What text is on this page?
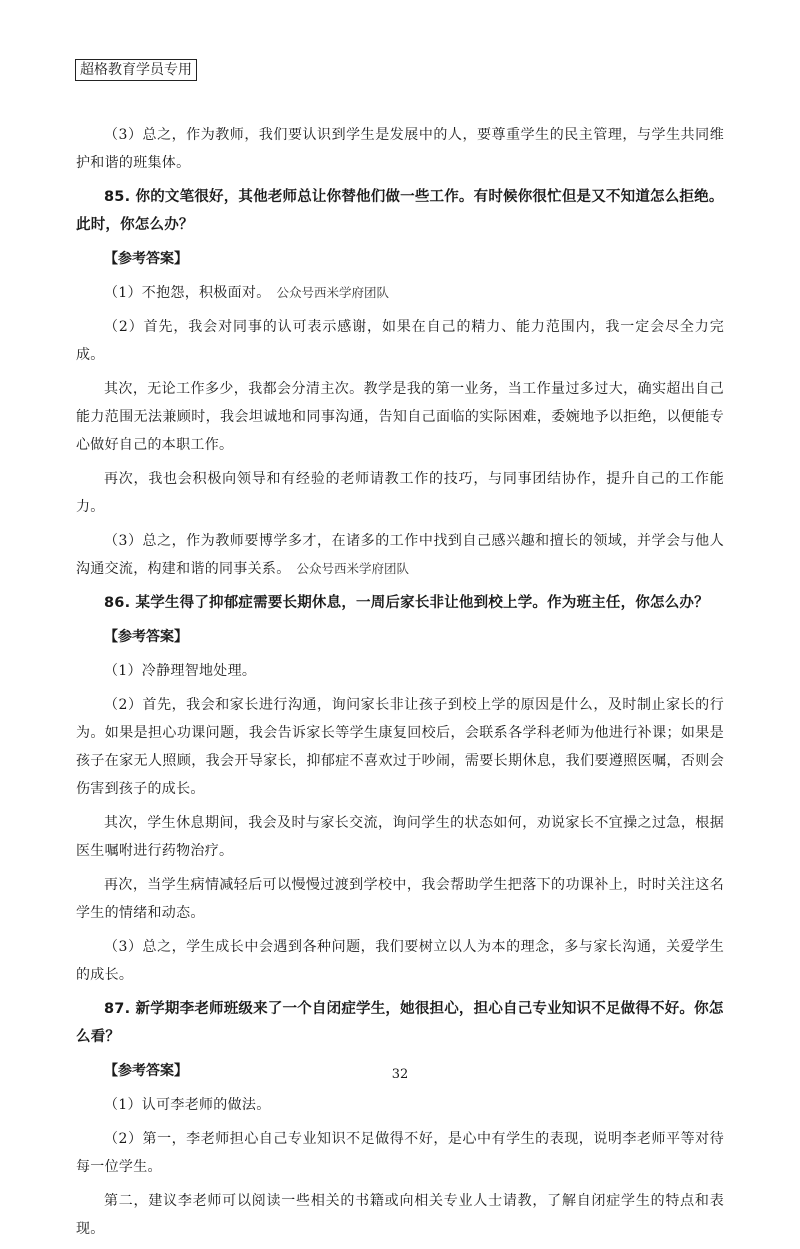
超格教育学员专用

（3）总之，作为教师，我们要认识到学生是发展中的人，要尊重学生的民主管理，与学生共同维护和谐的班集体。

85. 你的文笔很好，其他老师总让你替他们做一些工作。有时候你很忙但是又不知道怎么拒绝。此时，你怎么办？

【参考答案】

（1）不抱怨，积极面对。 公众号西米学府团队

（2）首先，我会对同事的认可表示感谢，如果在自己的精力、能力范围内，我一定会尽全力完成。

其次，无论工作多少，我都会分清主次。教学是我的第一业务，当工作量过多过大，确实超出自己能力范围无法兼顾时，我会坦诚地和同事沟通，告知自己面临的实际困难，委婉地予以拒绝，以便能专心做好自己的本职工作。

再次，我也会积极向领导和有经验的老师请教工作的技巧，与同事团结协作，提升自己的工作能力。

（3）总之，作为教师要博学多才，在诸多的工作中找到自己感兴趣和擅长的领域，并学会与他人沟通交流，构建和谐的同事关系。 公众号西米学府团队

86. 某学生得了抑郁症需要长期休息，一周后家长非让他到校上学。作为班主任，你怎么办？

【参考答案】

（1）冷静理智地处理。

（2）首先，我会和家长进行沟通，询问家长非让孩子到校上学的原因是什么，及时制止家长的行为。如果是担心功课问题，我会告诉家长等学生康复回校后，会联系各学科老师为他进行补课；如果是孩子在家无人照顾，我会开导家长，抑郁症不喜欢过于吵闹，需要长期休息，我们要遵照医嘱，否则会伤害到孩子的成长。

其次，学生休息期间，我会及时与家长交流，询问学生的状态如何，劝说家长不宜操之过急，根据医生嘱咐进行药物治疗。

再次，当学生病情减轻后可以慢慢过渡到学校中，我会帮助学生把落下的功课补上，时时关注这名学生的情绪和动态。

（3）总之，学生成长中会遇到各种问题，我们要树立以人为本的理念，多与家长沟通，关爱学生的成长。

87. 新学期李老师班级来了一个自闭症学生，她很担心，担心自己专业知识不足做得不好。你怎么看？

【参考答案】

（1）认可李老师的做法。

（2）第一，李老师担心自己专业知识不足做得不好，是心中有学生的表现，说明李老师平等对待每一位学生。

第二，建议李老师可以阅读一些相关的书籍或向相关专业人士请教，了解自闭症学生的特点和表现。

32
